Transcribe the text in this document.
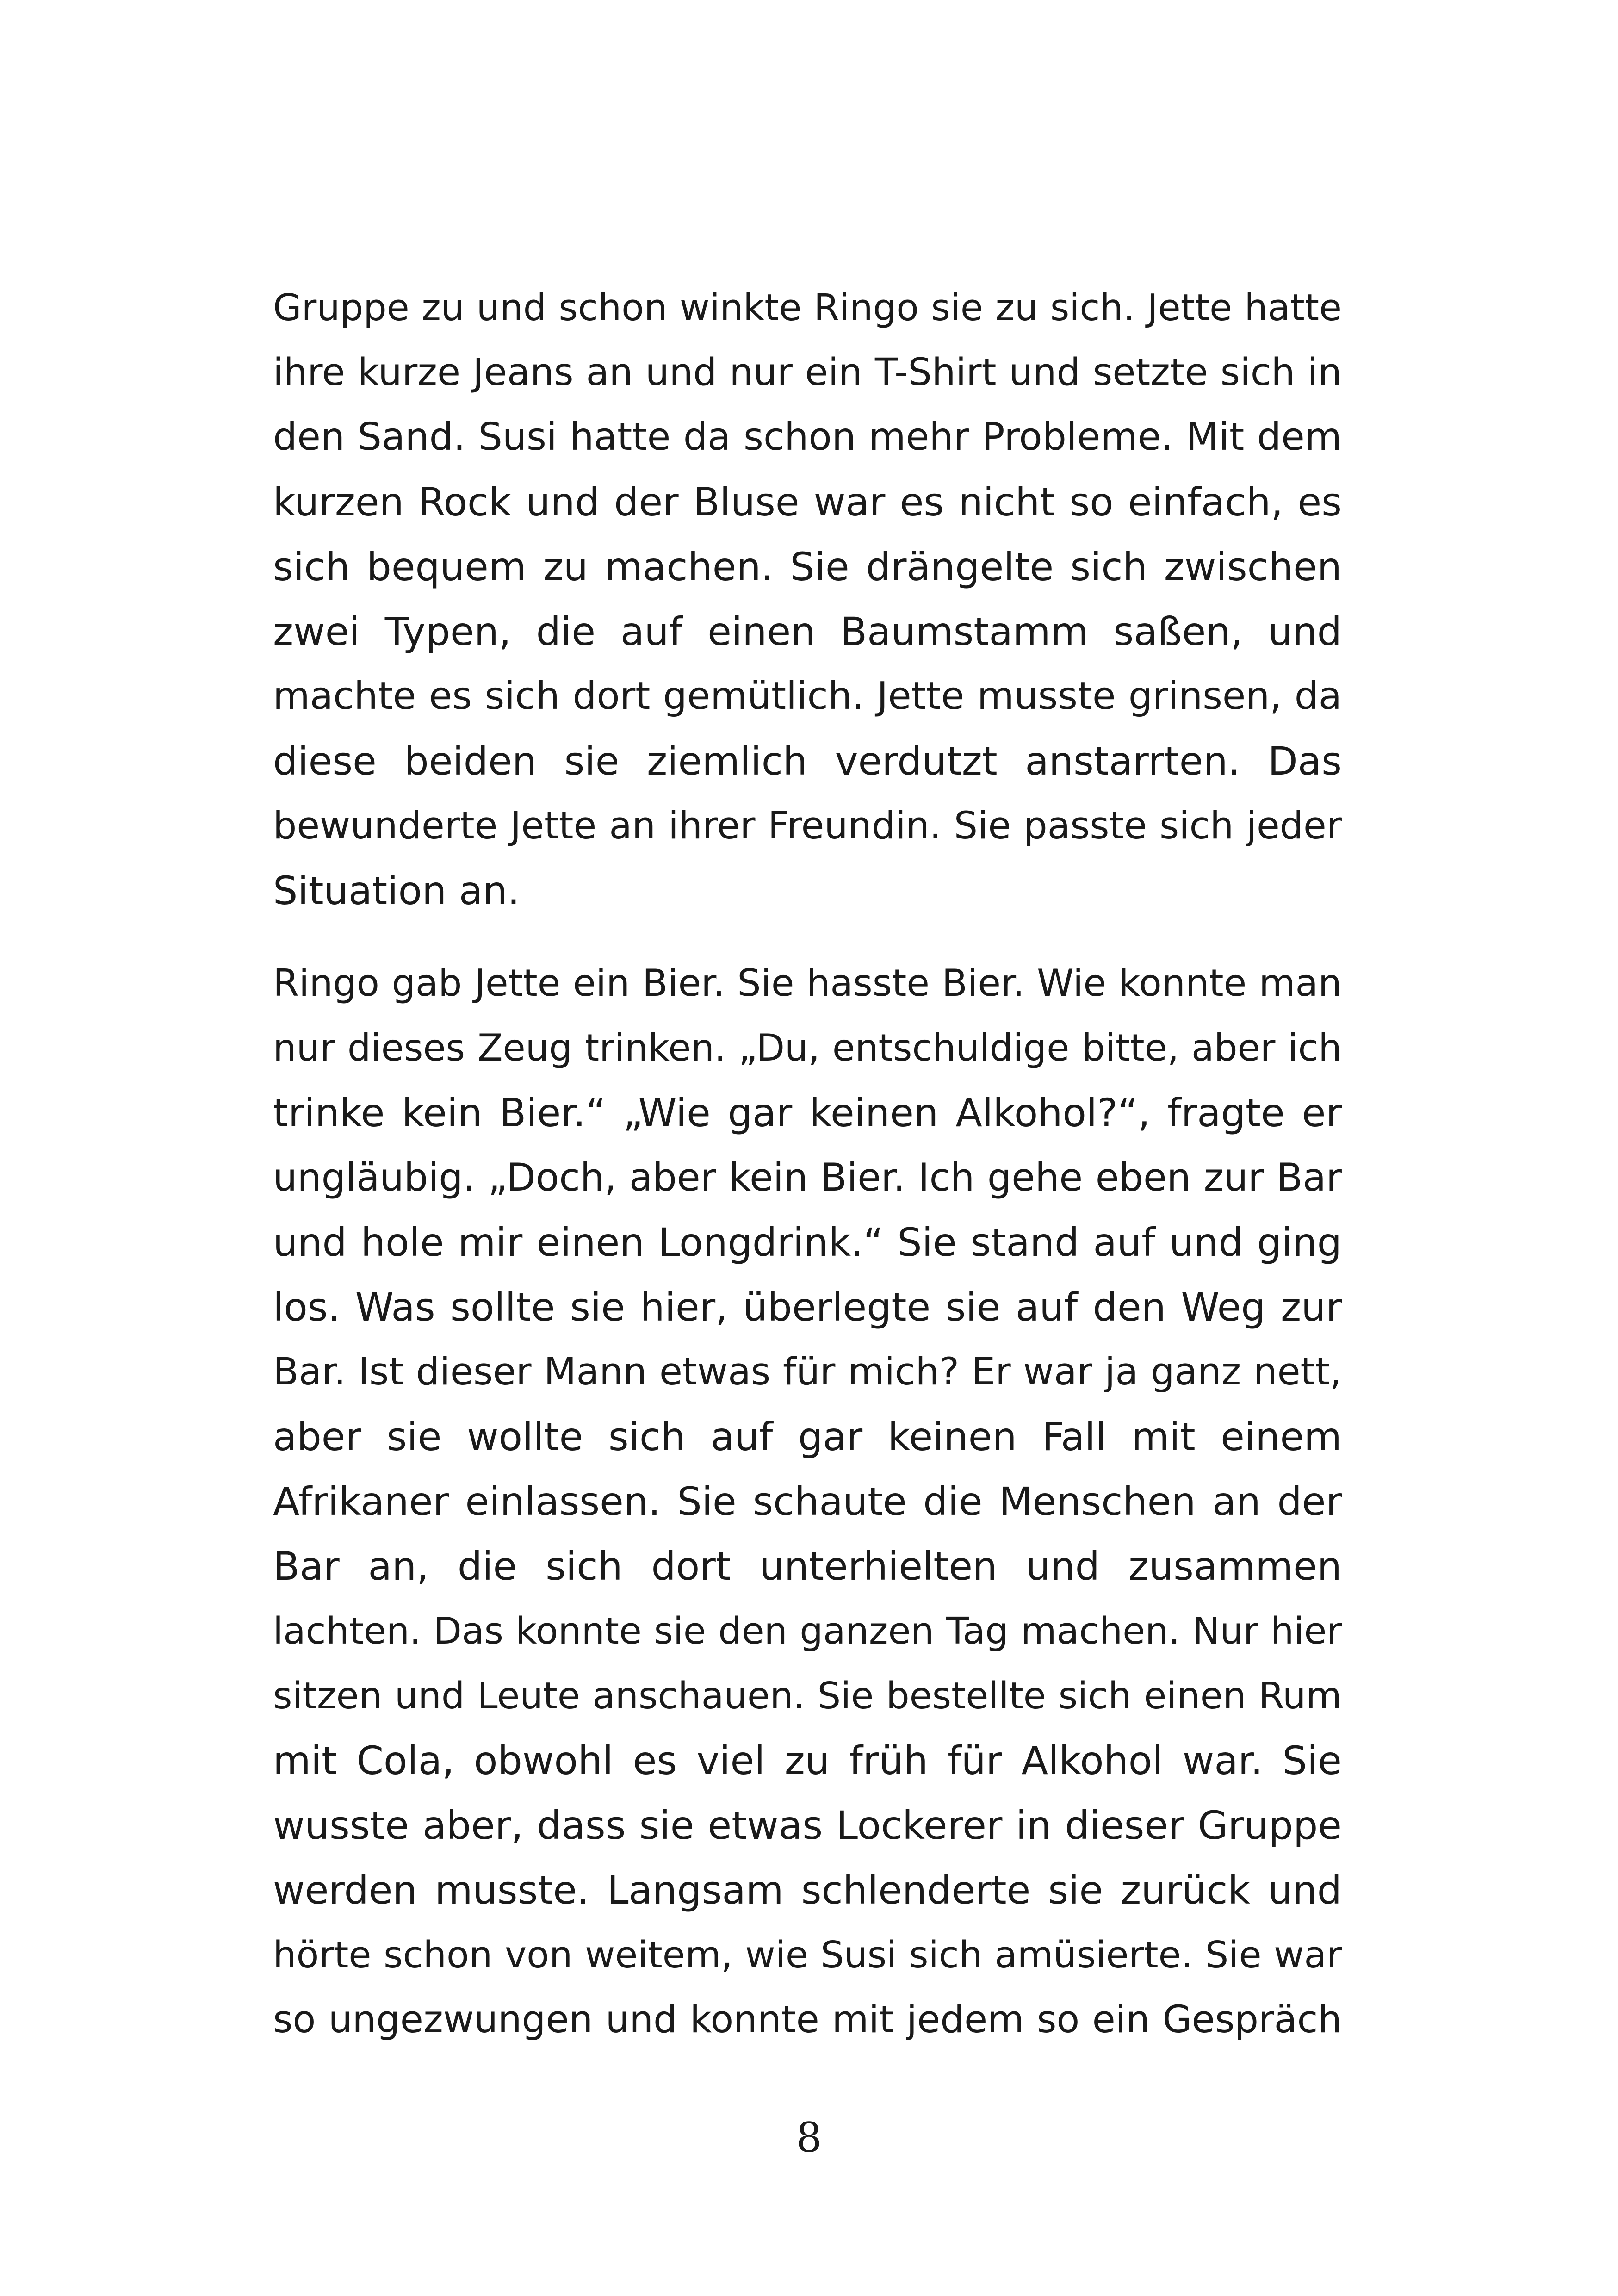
Gruppe zu und schon winkte Ringo sie zu sich. Jette hatte
ihre kurze Jeans an und nur ein T-Shirt und setzte sich in
den Sand. Susi hatte da schon mehr Probleme. Mit dem
kurzen Rock und der Bluse war es nicht so einfach, es
sich bequem zu machen. Sie drängelte sich zwischen
zwei Typen, die auf einen Baumstamm saßen, und
machte es sich dort gemütlich. Jette musste grinsen, da
diese beiden sie ziemlich verdutzt anstarrten. Das
bewunderte Jette an ihrer Freundin. Sie passte sich jeder
Situation an.
Ringo gab Jette ein Bier. Sie hasste Bier. Wie konnte man
nur dieses Zeug trinken. „Du, entschuldige bitte, aber ich
trinke kein Bier.“ „Wie gar keinen Alkohol?“, fragte er
ungläubig. „Doch, aber kein Bier. Ich gehe eben zur Bar
und hole mir einen Longdrink.“ Sie stand auf und ging
los. Was sollte sie hier, überlegte sie auf den Weg zur
Bar. Ist dieser Mann etwas für mich? Er war ja ganz nett,
aber sie wollte sich auf gar keinen Fall mit einem
Afrikaner einlassen. Sie schaute die Menschen an der
Bar an, die sich dort unterhielten und zusammen
lachten. Das konnte sie den ganzen Tag machen. Nur hier
sitzen und Leute anschauen. Sie bestellte sich einen Rum
mit Cola, obwohl es viel zu früh für Alkohol war. Sie
wusste aber, dass sie etwas Lockerer in dieser Gruppe
werden musste. Langsam schlenderte sie zurück und
hörte schon von weitem, wie Susi sich amüsierte. Sie war
so ungezwungen und konnte mit jedem so ein Gespräch
8
